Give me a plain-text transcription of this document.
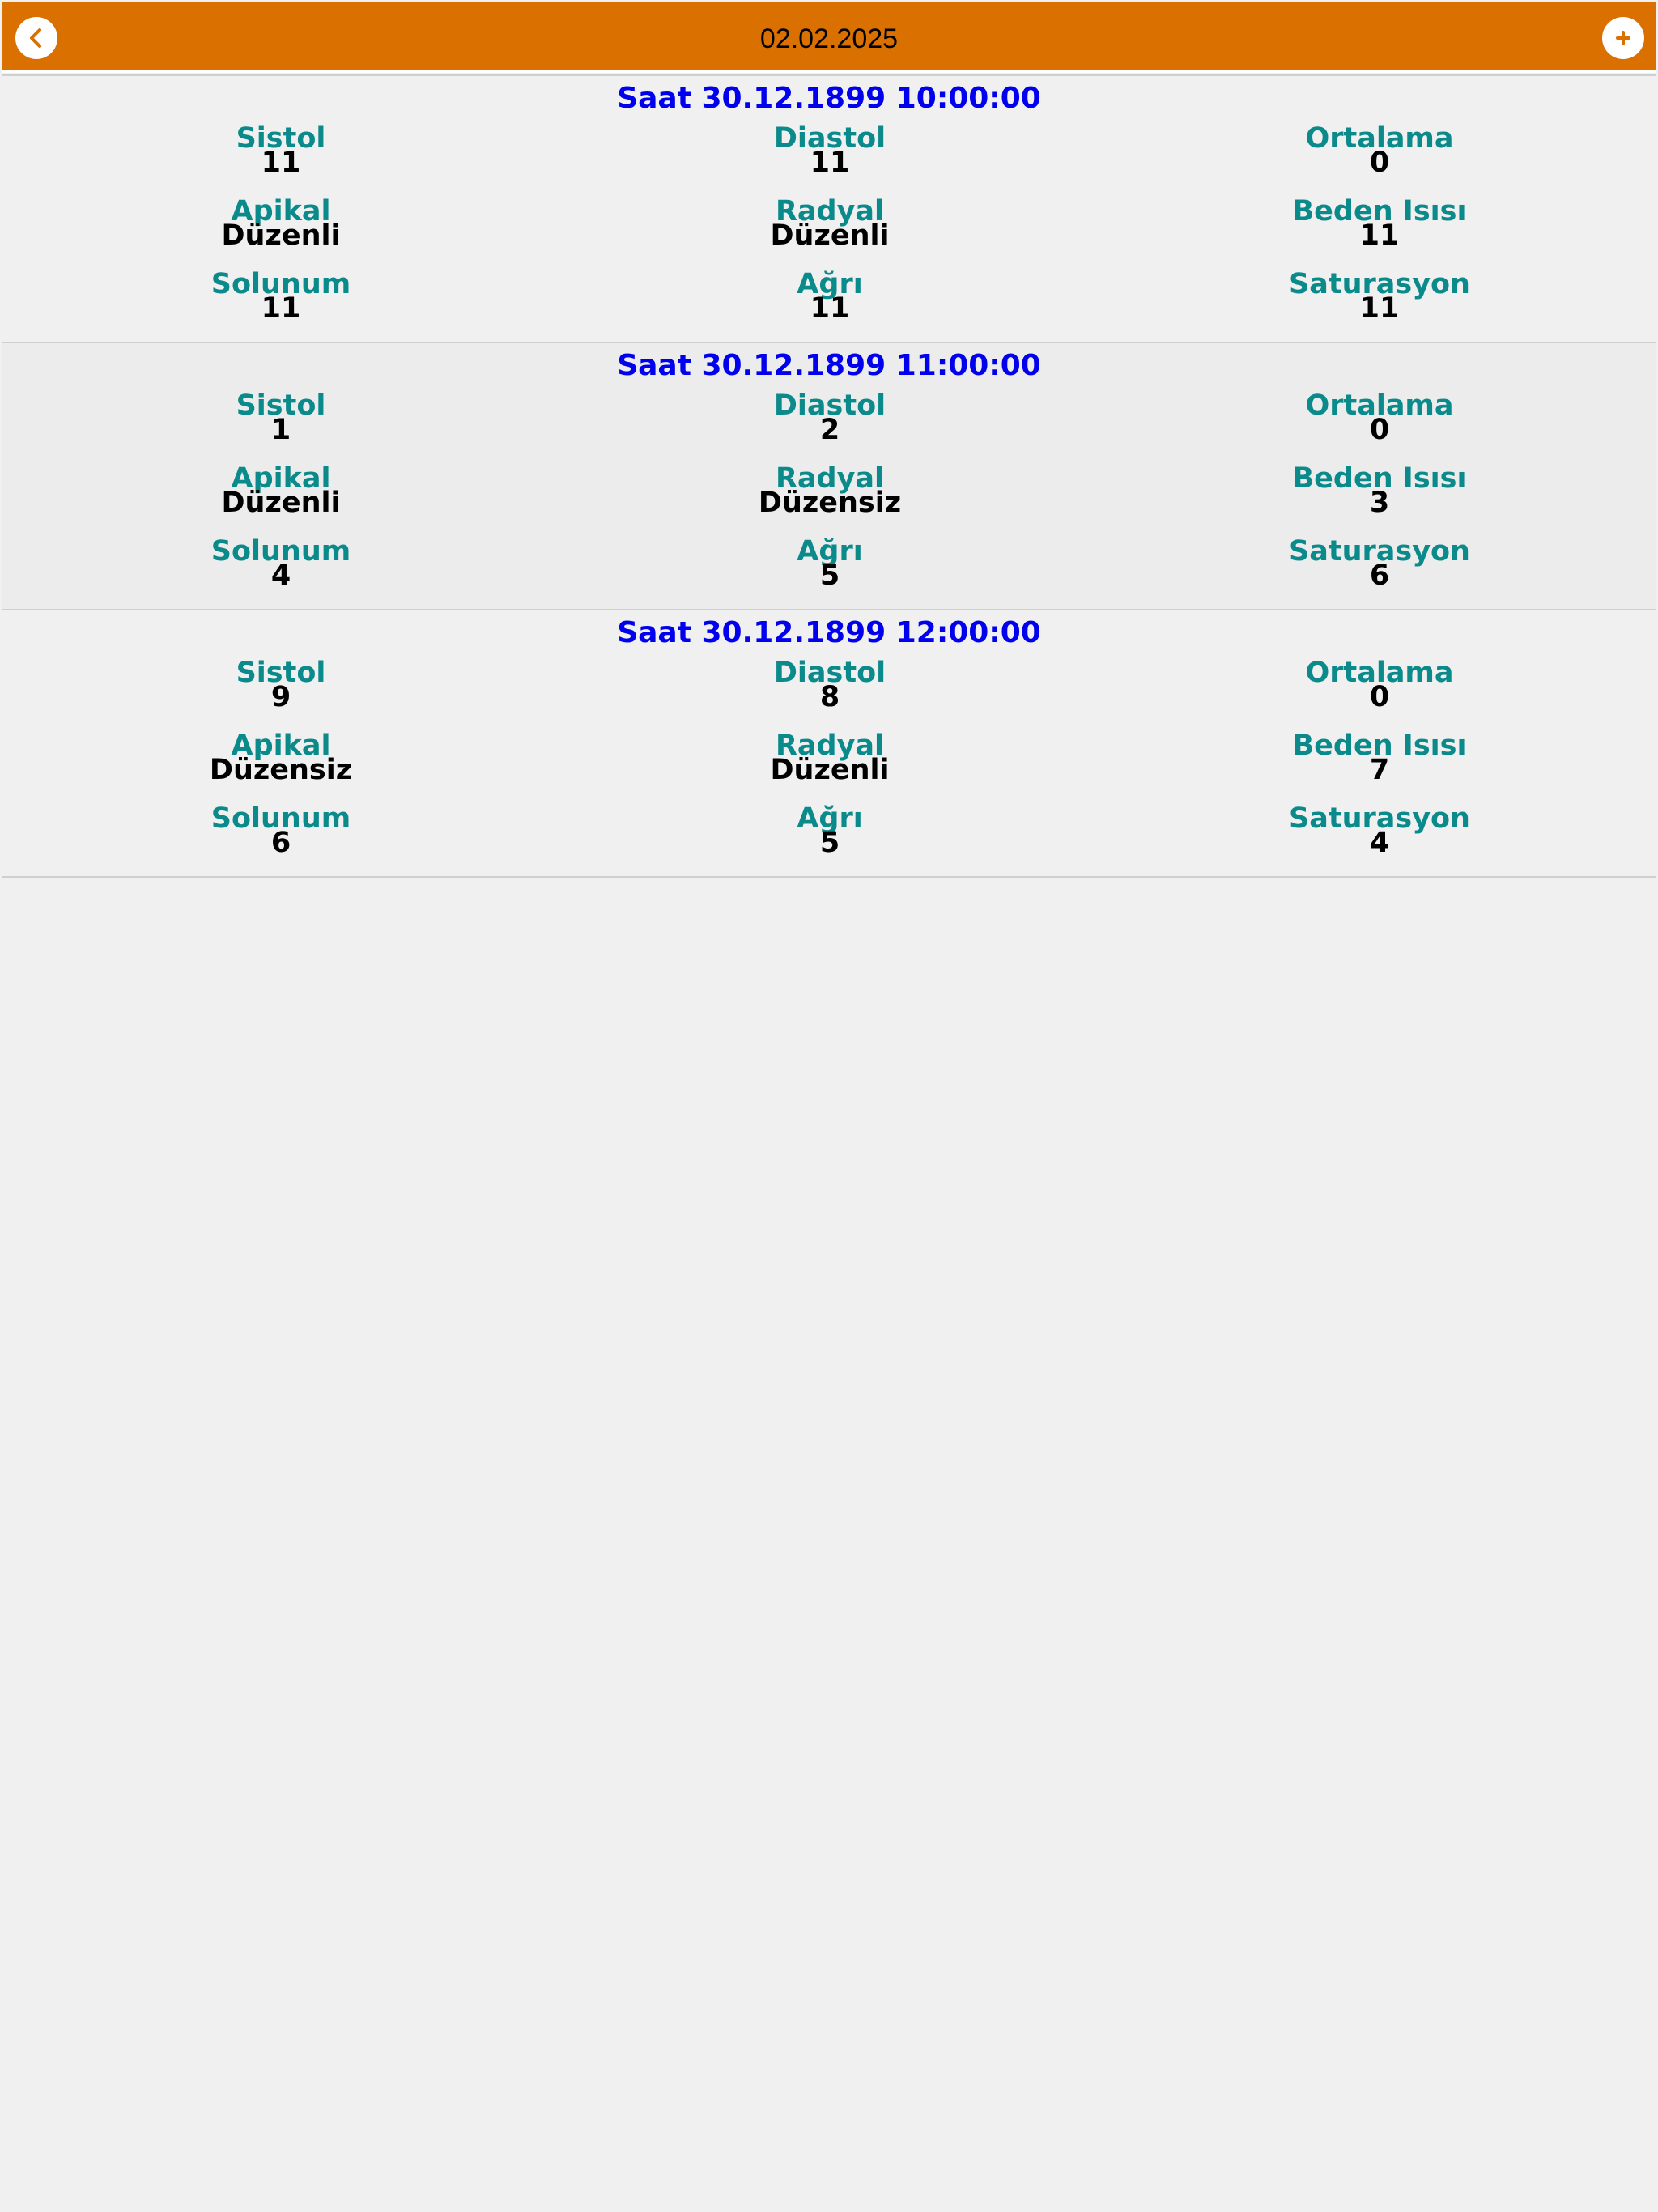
02.02.2025
Saat 30.12.1899 10:00:00
Sistol
11
Diastol
11
Ortalama
0
Apikal
Düzenli
Radyal
Düzenli
Beden Isısı
11
Solunum
11
Ağrı
11
Saturasyon
11
Saat 30.12.1899 11:00:00
Sistol
1
Diastol
2
Ortalama
0
Apikal
Düzenli
Radyal
Düzensiz
Beden Isısı
3
Solunum
4
Ağrı
5
Saturasyon
6
Saat 30.12.1899 12:00:00
Sistol
9
Diastol
8
Ortalama
0
Apikal
Düzensiz
Radyal
Düzenli
Beden Isısı
7
Solunum
6
Ağrı
5
Saturasyon
4
